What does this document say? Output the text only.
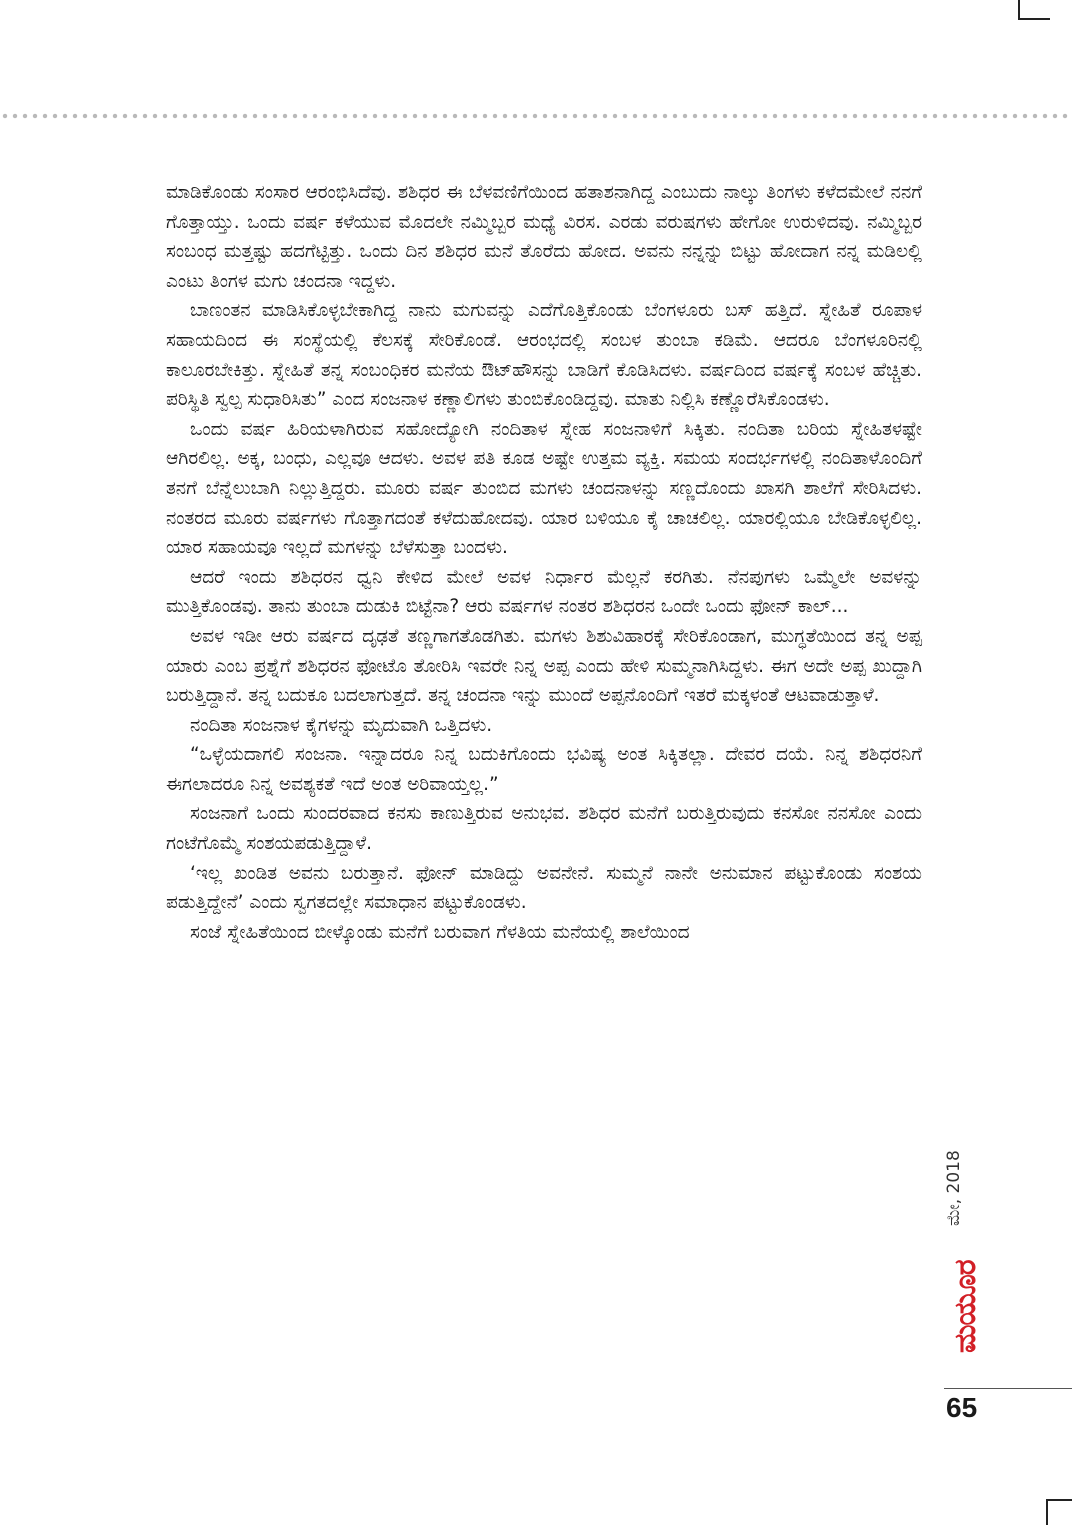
ಮಾಡಿಕೊಂಡು ಸಂಸಾರ ಆರಂಭಿಸಿದೆವು. ಶಶಿಧರ ಈ ಬೆಳವಣಿಗೆಯಿಂದ ಹತಾಶನಾಗಿದ್ದ ಎಂಬುದು ನಾಲ್ಕು ತಿಂಗಳು ಕಳೆದಮೇಲೆ ನನಗೆ ಗೊತ್ತಾಯ್ತು. ಒಂದು ವರ್ಷ ಕಳೆಯುವ ಮೊದಲೇ ನಮ್ಮಿಬ್ಬರ ಮಧ್ಯೆ ವಿರಸ. ಎರಡು ವರುಷಗಳು ಹೇಗೋ ಉರುಳಿದವು. ನಮ್ಮಿಬ್ಬರ ಸಂಬಂಧ ಮತ್ತಷ್ಟು ಹದಗೆಟ್ಟಿತ್ತು. ಒಂದು ದಿನ ಶಶಿಧರ ಮನೆ ತೊರೆದು ಹೋದ. ಅವನು ನನ್ನನ್ನು ಬಿಟ್ಟು ಹೋದಾಗ ನನ್ನ ಮಡಿಲಲ್ಲಿ ಎಂಟು ತಿಂಗಳ ಮಗು ಚಂದನಾ ಇದ್ದಳು.

ಬಾಣಂತನ ಮಾಡಿಸಿಕೊಳ್ಳಬೇಕಾಗಿದ್ದ ನಾನು ಮಗುವನ್ನು ಎದೆಗೊತ್ತಿಕೊಂಡು ಬೆಂಗಳೂರು ಬಸ್ ಹತ್ತಿದೆ. ಸ್ನೇಹಿತೆ ರೂಪಾಳ ಸಹಾಯದಿಂದ ಈ ಸಂಸ್ಥೆಯಲ್ಲಿ ಕೆಲಸಕ್ಕೆ ಸೇರಿಕೊಂಡೆ. ಆರಂಭದಲ್ಲಿ ಸಂಬಳ ತುಂಬಾ ಕಡಿಮೆ. ಆದರೂ ಬೆಂಗಳೂರಿನಲ್ಲಿ ಕಾಲೂರಬೇಕಿತ್ತು. ಸ್ನೇಹಿತೆ ತನ್ನ ಸಂಬಂಧಿಕರ ಮನೆಯ ಔಟ್‌ಹೌಸನ್ನು ಬಾಡಿಗೆ ಕೊಡಿಸಿದಳು. ವರ್ಷದಿಂದ ವರ್ಷಕ್ಕೆ ಸಂಬಳ ಹೆಚ್ಚಿತು. ಪರಿಸ್ಥಿತಿ ಸ್ವಲ್ಪ ಸುಧಾರಿಸಿತು” ಎಂದ ಸಂಜನಾಳ ಕಣ್ಣಾಲಿಗಳು ತುಂಬಿಕೊಂಡಿದ್ದವು. ಮಾತು ನಿಲ್ಲಿಸಿ ಕಣ್ಣೊರೆಸಿಕೊಂಡಳು.

ಒಂದು ವರ್ಷ ಹಿರಿಯಳಾಗಿರುವ ಸಹೋದ್ಯೋಗಿ ನಂದಿತಾಳ ಸ್ನೇಹ ಸಂಜನಾಳಿಗೆ ಸಿಕ್ಕಿತು. ನಂದಿತಾ ಬರಿಯ ಸ್ನೇಹಿತಳಷ್ಟೇ ಆಗಿರಲಿಲ್ಲ. ಅಕ್ಕ, ಬಂಧು, ಎಲ್ಲವೂ ಆದಳು. ಅವಳ ಪತಿ ಕೂಡ ಅಷ್ಟೇ ಉತ್ತಮ ವ್ಯಕ್ತಿ. ಸಮಯ ಸಂದರ್ಭಗಳಲ್ಲಿ ನಂದಿತಾಳೊಂದಿಗೆ ತನಗೆ ಬೆನ್ನೆಲುಬಾಗಿ ನಿಲ್ಲುತ್ತಿದ್ದರು. ಮೂರು ವರ್ಷ ತುಂಬಿದ ಮಗಳು ಚಂದನಾಳನ್ನು ಸಣ್ಣದೊಂದು ಖಾಸಗಿ ಶಾಲೆಗೆ ಸೇರಿಸಿದಳು. ನಂತರದ ಮೂರು ವರ್ಷಗಳು ಗೊತ್ತಾಗದಂತೆ ಕಳೆದುಹೋದವು. ಯಾರ ಬಳಿಯೂ ಕೈ ಚಾಚಲಿಲ್ಲ. ಯಾರಲ್ಲಿಯೂ ಬೇಡಿಕೊಳ್ಳಲಿಲ್ಲ. ಯಾರ ಸಹಾಯವೂ ಇಲ್ಲದೆ ಮಗಳನ್ನು ಬೆಳೆಸುತ್ತಾ ಬಂದಳು.

ಆದರೆ ಇಂದು ಶಶಿಧರನ ಧ್ವನಿ ಕೇಳಿದ ಮೇಲೆ ಅವಳ ನಿರ್ಧಾರ ಮೆಲ್ಲನೆ ಕರಗಿತು. ನೆನಪುಗಳು ಒಮ್ಮೆಲೇ ಅವಳನ್ನು ಮುತ್ತಿಕೊಂಡವು. ತಾನು ತುಂಬಾ ದುಡುಕಿ ಬಿಟ್ಟೆನಾ? ಆರು ವರ್ಷಗಳ ನಂತರ ಶಶಿಧರನ ಒಂದೇ ಒಂದು ಫೋನ್ ಕಾಲ್...

ಅವಳ ಇಡೀ ಆರು ವರ್ಷದ ದೃಢತೆ ತಣ್ಣಗಾಗತೊಡಗಿತು. ಮಗಳು ಶಿಶುವಿಹಾರಕ್ಕೆ ಸೇರಿಕೊಂಡಾಗ, ಮುಗ್ಧತೆಯಿಂದ ತನ್ನ ಅಪ್ಪ ಯಾರು ಎಂಬ ಪ್ರಶ್ನೆಗೆ ಶಶಿಧರನ ಫೋಟೊ ತೋರಿಸಿ ಇವರೇ ನಿನ್ನ ಅಪ್ಪ ಎಂದು ಹೇಳಿ ಸುಮ್ಮನಾಗಿಸಿದ್ದಳು. ಈಗ ಅದೇ ಅಪ್ಪ ಖುದ್ದಾಗಿ ಬರುತ್ತಿದ್ದಾನೆ. ತನ್ನ ಬದುಕೂ ಬದಲಾಗುತ್ತದೆ. ತನ್ನ ಚಂದನಾ ಇನ್ನು ಮುಂದೆ ಅಪ್ಪನೊಂದಿಗೆ ಇತರೆ ಮಕ್ಕಳಂತೆ ಆಟವಾಡುತ್ತಾಳೆ.

ನಂದಿತಾ ಸಂಜನಾಳ ಕೈಗಳನ್ನು ಮೃದುವಾಗಿ ಒತ್ತಿದಳು.

“ಒಳ್ಳೆಯದಾಗಲಿ ಸಂಜನಾ. ಇನ್ನಾದರೂ ನಿನ್ನ ಬದುಕಿಗೊಂದು ಭವಿಷ್ಯ ಅಂತ ಸಿಕ್ಕಿತಲ್ಲಾ. ದೇವರ ದಯೆ. ನಿನ್ನ ಶಶಿಧರನಿಗೆ ಈಗಲಾದರೂ ನಿನ್ನ ಅವಶ್ಯಕತೆ ಇದೆ ಅಂತ ಅರಿವಾಯ್ತಲ್ಲ.”

ಸಂಜನಾಗೆ ಒಂದು ಸುಂದರವಾದ ಕನಸು ಕಾಣುತ್ತಿರುವ ಅನುಭವ. ಶಶಿಧರ ಮನೆಗೆ ಬರುತ್ತಿರುವುದು ಕನಸೋ ನನಸೋ ಎಂದು ಗಂಟೆಗೊಮ್ಮೆ ಸಂಶಯಪಡುತ್ತಿದ್ದಾಳೆ.

‘ಇಲ್ಲ ಖಂಡಿತ ಅವನು ಬರುತ್ತಾನೆ. ಫೋನ್ ಮಾಡಿದ್ದು ಅವನೇನೆ. ಸುಮ್ಮನೆ ನಾನೇ ಅನುಮಾನ ಪಟ್ಟುಕೊಂಡು ಸಂಶಯ ಪಡುತ್ತಿದ್ದೇನೆ’ ಎಂದು ಸ್ವಗತದಲ್ಲೇ ಸಮಾಧಾನ ಪಟ್ಟುಕೊಂಡಳು.

ಸಂಜೆ ಸ್ನೇಹಿತೆಯಿಂದ ಬೀಳ್ಕೊಂಡು ಮನೆಗೆ ಬರುವಾಗ ಗೆಳತಿಯ ಮನೆಯಲ್ಲಿ ಶಾಲೆಯಿಂದ

ಮೇ, 2018
ಮಯೂರ
65
